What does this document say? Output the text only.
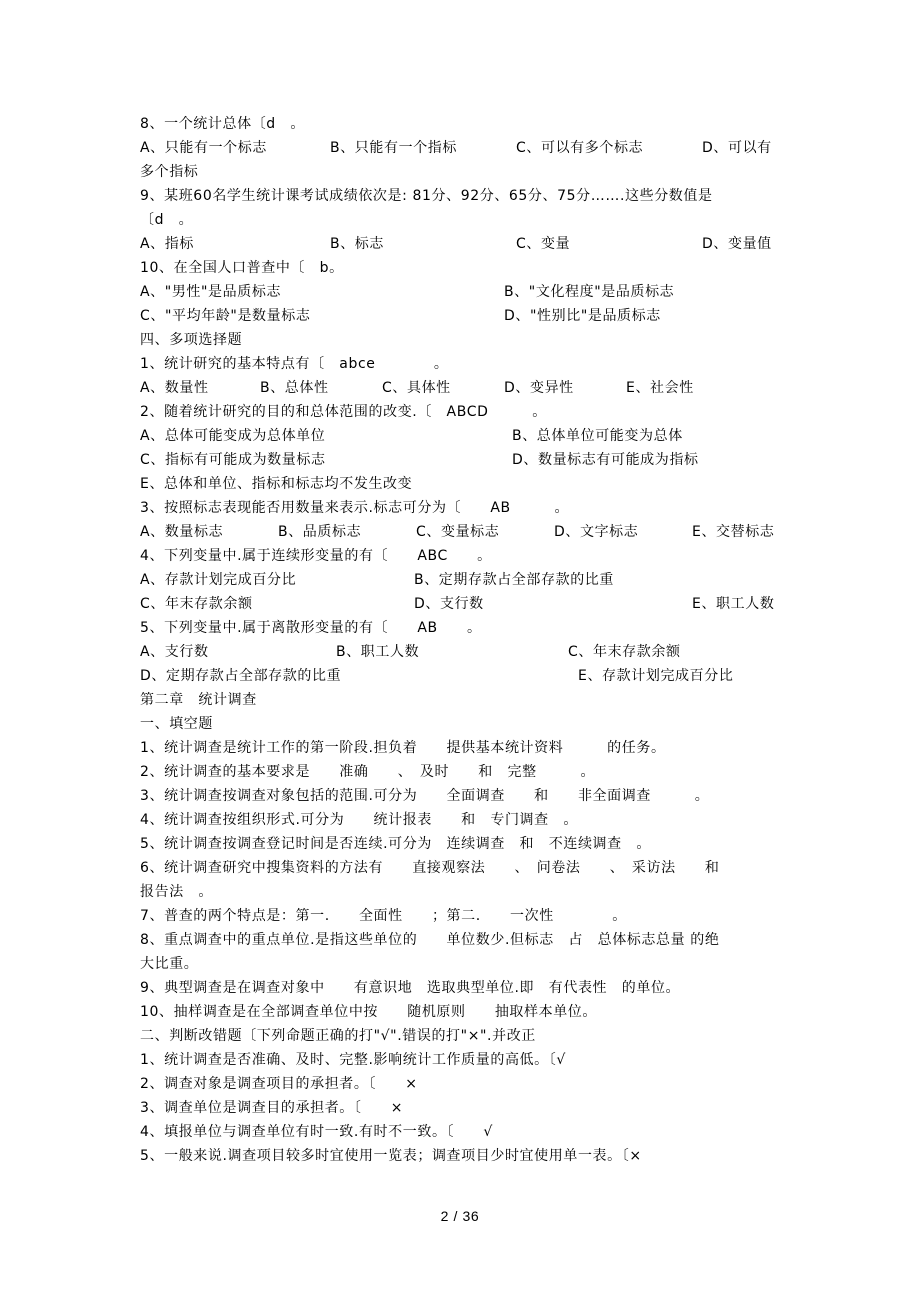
8、一个统计总体〔d　。

A、只能有一个标志

	B、只能有一个指标

	C、可以有多个标志

	D、可以有

多个指标

9、某班60名学生统计课考试成绩依次是: 81分、92分、65分、75分…….这些分数值是

〔d　。

A、指标

	B、标志

	C、变量

	D、变量值

10、在全国人口普查中〔　b。

A、"男性"是品质标志

	B、"文化程度"是品质标志

C、"平均年龄"是数量标志

	D、"性别比"是品质标志

四、多项选择题

1、统计研究的基本特点有〔　abce　　　　。

A、数量性

	B、总体性

	C、具体性

	D、变异性

	E、社会性

2、随着统计研究的目的和总体范围的改变.〔　ABCD　　　。

A、总体可能变成为总体单位

	B、总体单位可能变为总体

C、指标有可能成为数量标志

	D、数量标志有可能成为指标

E、总体和单位、指标和标志均不发生改变

3、按照标志表现能否用数量来表示.标志可分为〔　　AB　　　。

A、数量标志

	B、品质标志

	C、变量标志

	D、文字标志

	E、交替标志

4、下列变量中.属于连续形变量的有〔　　ABC　　。

A、存款计划完成百分比

	B、定期存款占全部存款的比重

C、年末存款余额

	D、支行数

	E、职工人数

5、下列变量中.属于离散形变量的有〔　　AB　　。

A、支行数

	B、职工人数

	C、年末存款余额

D、定期存款占全部存款的比重

	E、存款计划完成百分比

第二章　统计调查

一、填空题

1、统计调查是统计工作的第一阶段.担负着　　提供基本统计资料　　　的任务。

2、统计调查的基本要求是　　准确　　、　及时　　和　完整　　　。

3、统计调查按调查对象包括的范围.可分为　　全面调查　　和　　非全面调查　　　。

4、统计调查按组织形式.可分为　　统计报表　　和　专门调查　。

5、统计调查按调查登记时间是否连续.可分为　连续调查　和　不连续调查　。

6、统计调查研究中搜集资料的方法有　　直接观察法　　、　问卷法　　、　采访法　　和

报告法　。

7、普查的两个特点是：第一.　　全面性　　；第二.　　一次性　　　　。

8、重点调查中的重点单位.是指这些单位的　　单位数少.但标志　占　总体标志总量 的绝

大比重。

9、典型调查是在调查对象中　　有意识地　选取典型单位.即　有代表性　的单位。

10、抽样调查是在全部调查单位中按　　随机原则　　抽取样本单位。

二、判断改错题〔下列命题正确的打"√".错误的打"×".并改正

1、统计调查是否准确、及时、完整.影响统计工作质量的高低。〔√

2、调查对象是调查项目的承担者。〔　　×

3、调查单位是调查目的承担者。〔　　×

4、填报单位与调查单位有时一致.有时不一致。〔　　√

5、一般来说.调查项目较多时宜使用一览表；调查项目少时宜使用单一表。〔×

2 / 36
